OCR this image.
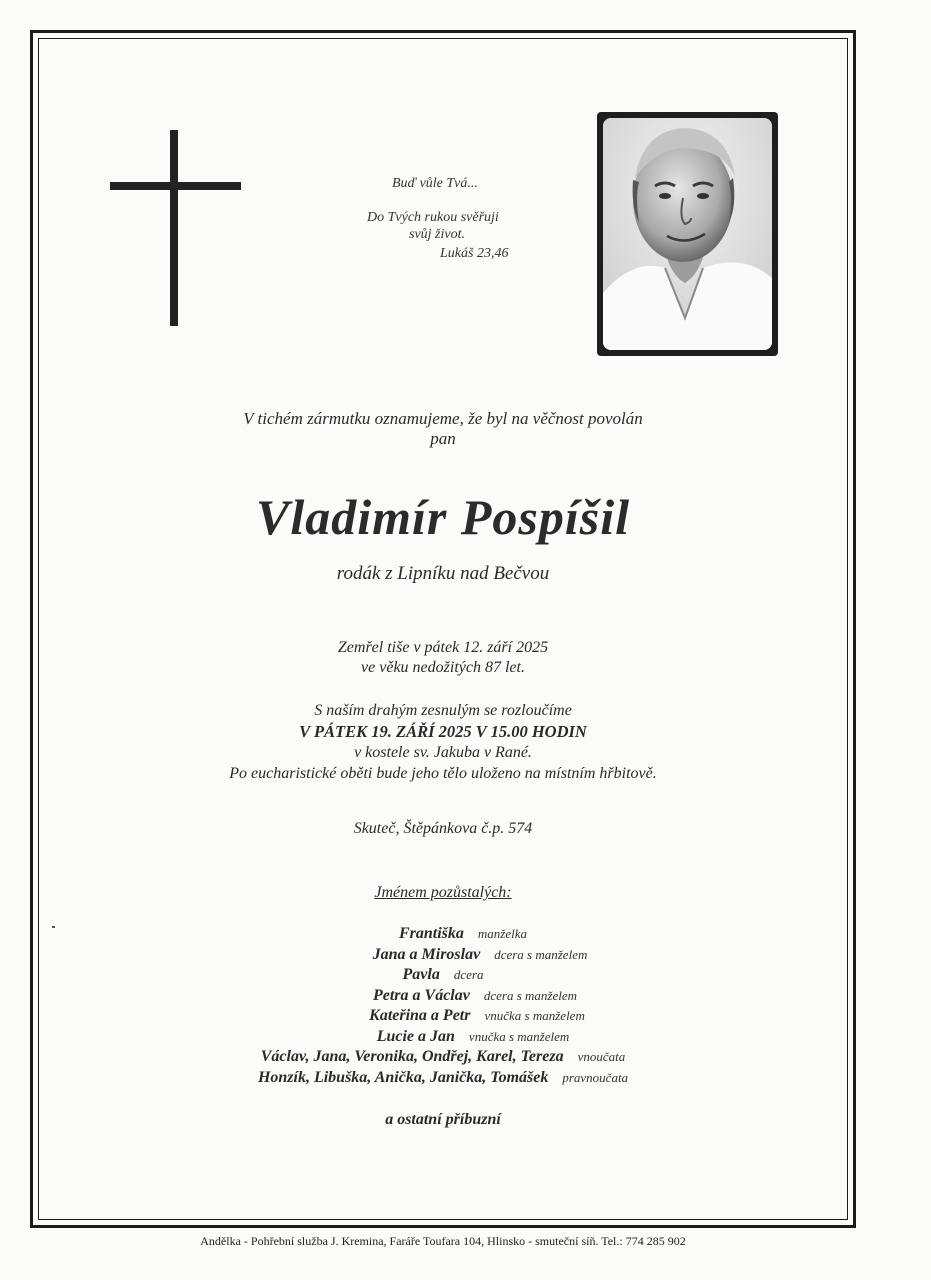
Buď vůle Tvá...
Do Tvých rukou svěřuji
svůj život.
Lukáš 23,46
V tichém zármutku oznamujeme, že byl na věčnost povolán
pan
Vladimír Pospíšil
rodák z Lipníku nad Bečvou
Zemřel tiše v pátek 12. září 2025
ve věku nedožitých 87 let.
S naším drahým zesnulým se rozloučíme
V PÁTEK 19. ZÁŘÍ 2025 V 15.00 HODIN
v kostele sv. Jakuba v Rané.
Po eucharistické oběti bude jeho tělo uloženo na místním hřbitově.
Skuteč, Štěpánkova č.p. 574
Jménem pozůstalých:
Františka manželka
Jana a Miroslav dcera s manželem
Pavla dcera
Petra a Václav dcera s manželem
Kateřina a Petr vnučka s manželem
Lucie a Jan vnučka s manželem
Václav, Jana, Veronika, Ondřej, Karel, Tereza vnoučata
Honzík, Libuška, Anička, Janička, Tomášek pravnoučata
a ostatní příbuzní
Andělka - Pohřební služba J. Kremina, Faráře Toufara 104, Hlinsko - smuteční síň. Tel.: 774 285 902
